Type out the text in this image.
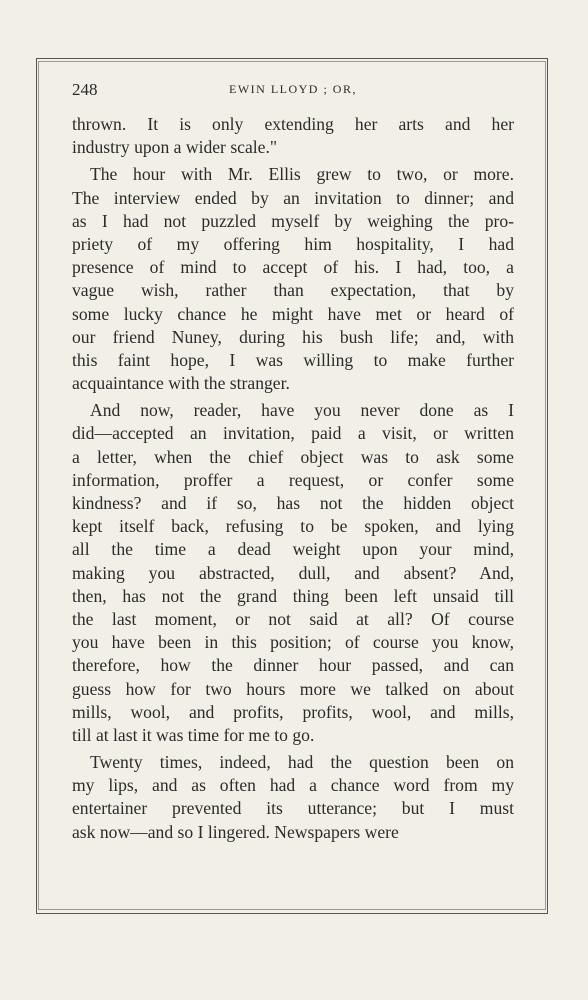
248	EWIN LLOYD ; OR,
thrown. It is only extending her arts and her
industry upon a wider scale."
The hour with Mr. Ellis grew to two, or more.
The interview ended by an invitation to dinner; and
as I had not puzzled myself by weighing the pro-
priety of my offering him hospitality, I had
presence of mind to accept of his. I had, too, a
vague wish, rather than expectation, that by
some lucky chance he might have met or heard of
our friend Nuney, during his bush life; and, with
this faint hope, I was willing to make further
acquaintance with the stranger.
And now, reader, have you never done as I
did—accepted an invitation, paid a visit, or written
a letter, when the chief object was to ask some
information, proffer a request, or confer some
kindness? and if so, has not the hidden object
kept itself back, refusing to be spoken, and lying
all the time a dead weight upon your mind,
making you abstracted, dull, and absent? And,
then, has not the grand thing been left unsaid till
the last moment, or not said at all? Of course
you have been in this position; of course you know,
therefore, how the dinner hour passed, and can
guess how for two hours more we talked on about
mills, wool, and profits, profits, wool, and mills,
till at last it was time for me to go.
Twenty times, indeed, had the question been on
my lips, and as often had a chance word from my
entertainer prevented its utterance; but I must
ask now—and so I lingered. Newspapers were
